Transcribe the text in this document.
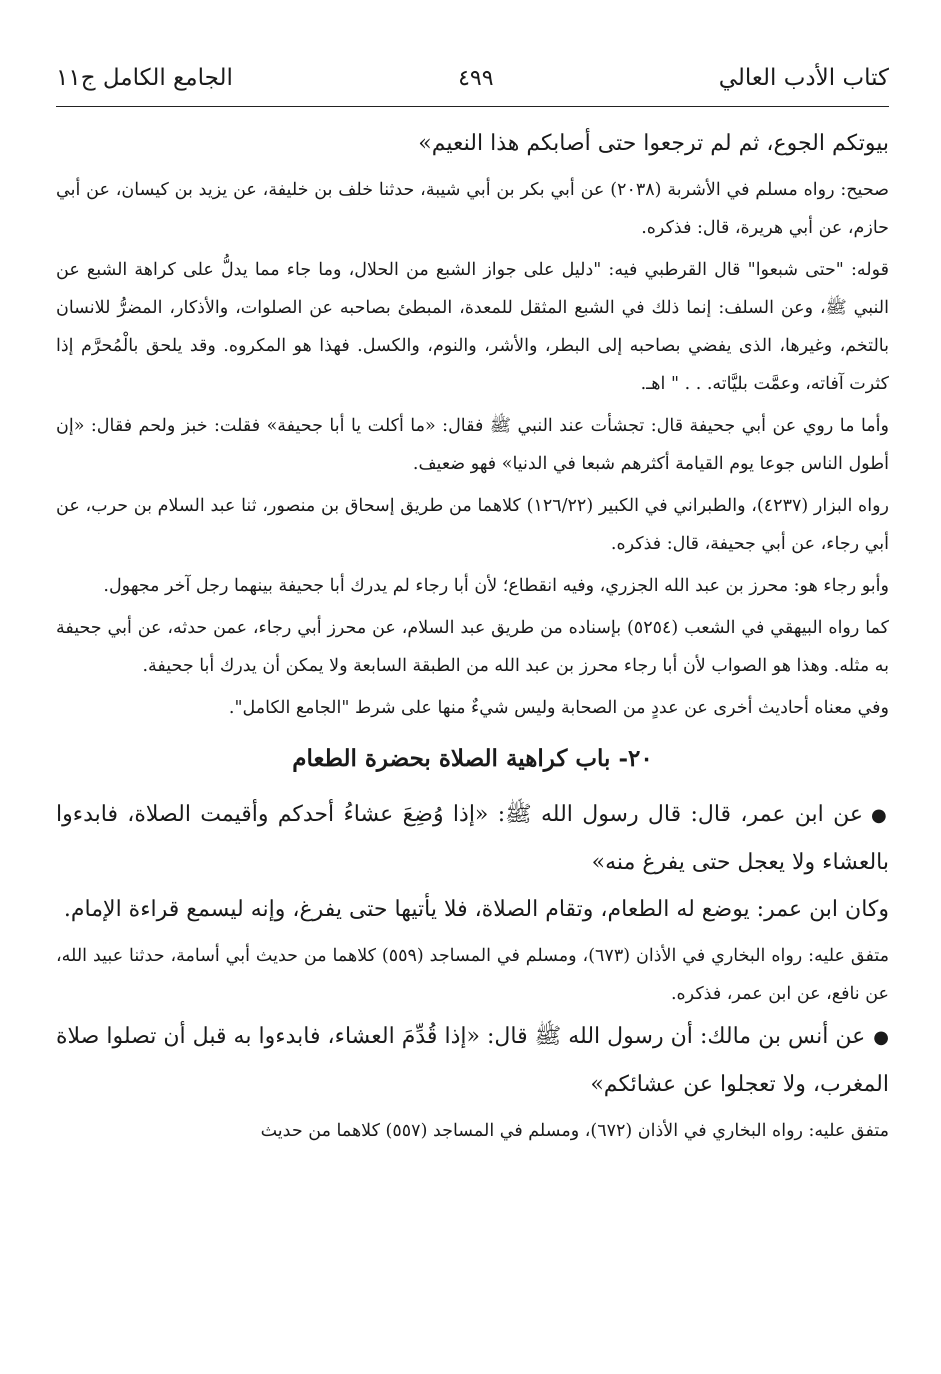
كتاب الأدب العالي
٤٩٩
الجامع الكامل ج١١

بيوتكم الجوع، ثم لم ترجعوا حتى أصابكم هذا النعيم»

صحيح: رواه مسلم في الأشربة (٢٠٣٨) عن أبي بكر بن أبي شيبة، حدثنا خلف بن خليفة، عن يزيد بن كيسان، عن أبي حازم، عن أبي هريرة، قال: فذكره.

قوله: "حتى شبعوا" قال القرطبي فيه: "دليل على جواز الشبع من الحلال، وما جاء مما يدلُّ على كراهة الشبع عن النبي ﷺ، وعن السلف: إنما ذلك في الشبع المثقل للمعدة، المبطئ بصاحبه عن الصلوات، والأذكار، المضرُّ للانسان بالتخم، وغيرها، الذى يفضي بصاحبه إلى البطر، والأشر، والنوم، والكسل. فهذا هو المكروه. وقد يلحق بالْمُحرَّم إذا كثرت آفاته، وعمَّت بليَّاته. . . " اهـ.

وأما ما روي عن أبي جحيفة قال: تجشأت عند النبي ﷺ فقال: «ما أكلت يا أبا جحيفة» فقلت: خبز ولحم فقال: «إن أطول الناس جوعا يوم القيامة أكثرهم شبعا في الدنيا» فهو ضعيف.

رواه البزار (٤٢٣٧)، والطبراني في الكبير (١٢٦/٢٢) كلاهما من طريق إسحاق بن منصور، ثنا عبد السلام بن حرب، عن أبي رجاء، عن أبي جحيفة، قال: فذكره.

وأبو رجاء هو: محرز بن عبد الله الجزري، وفيه انقطاع؛ لأن أبا رجاء لم يدرك أبا جحيفة بينهما رجل آخر مجهول.

كما رواه البيهقي في الشعب (٥٢٥٤) بإسناده من طريق عبد السلام، عن محرز أبي رجاء، عمن حدثه، عن أبي جحيفة به مثله. وهذا هو الصواب لأن أبا رجاء محرز بن عبد الله من الطبقة السابعة ولا يمكن أن يدرك أبا جحيفة.

وفي معناه أحاديث أخرى عن عددٍ من الصحابة وليس شيءٌ منها على شرط "الجامع الكامل".

٢٠- باب كراهية الصلاة بحضرة الطعام

●عن ابن عمر، قال: قال رسول الله ﷺ: «إذا وُضِعَ عشاءُ أحدكم وأقيمت الصلاة، فابدءوا بالعشاء ولا يعجل حتى يفرغ منه»

وكان ابن عمر: يوضع له الطعام، وتقام الصلاة، فلا يأتيها حتى يفرغ، وإنه ليسمع قراءة الإمام.

متفق عليه: رواه البخاري في الأذان (٦٧٣)، ومسلم في المساجد (٥٥٩) كلاهما من حديث أبي أسامة، حدثنا عبيد الله، عن نافع، عن ابن عمر، فذكره.

●عن أنس بن مالك: أن رسول الله ﷺ قال: «إذا قُدِّمَ العشاء، فابدءوا به قبل أن تصلوا صلاة المغرب، ولا تعجلوا عن عشائكم»

متفق عليه: رواه البخاري في الأذان (٦٧٢)، ومسلم في المساجد (٥٥٧) كلاهما من حديث
